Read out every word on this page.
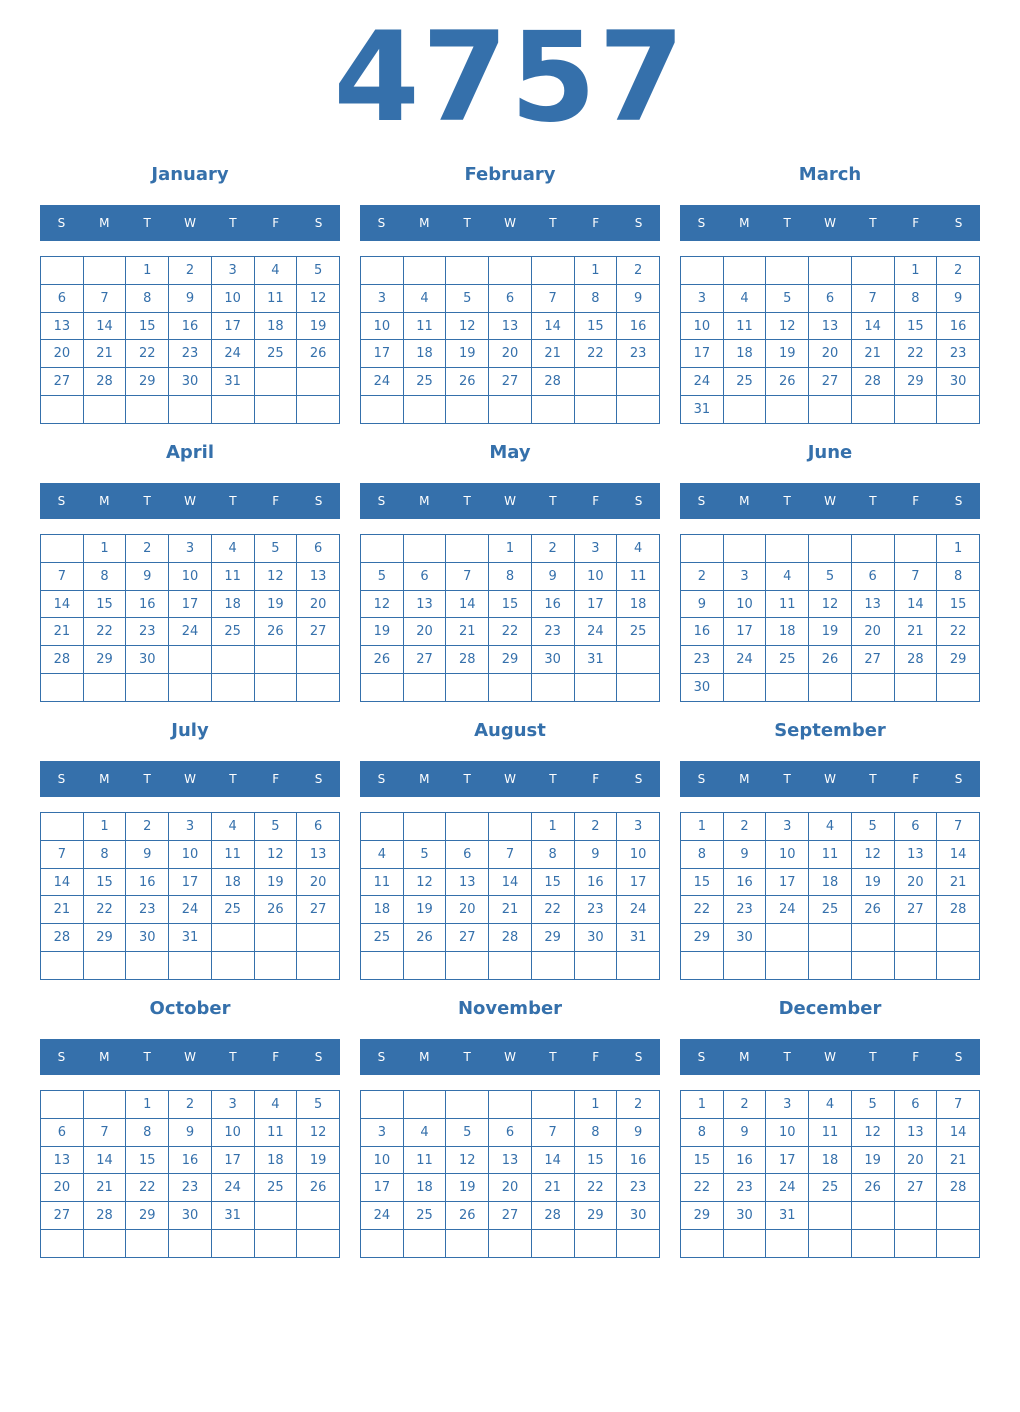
4757
January
S	M	T	W	T	F	S
		1	2	3	4	5
6	7	8	9	10	11	12
13	14	15	16	17	18	19
20	21	22	23	24	25	26
27	28	29	30	31		

February
S	M	T	W	T	F	S
					1	2
3	4	5	6	7	8	9
10	11	12	13	14	15	16
17	18	19	20	21	22	23
24	25	26	27	28		

March
S	M	T	W	T	F	S
					1	2
3	4	5	6	7	8	9
10	11	12	13	14	15	16
17	18	19	20	21	22	23
24	25	26	27	28	29	30
31						
April
S	M	T	W	T	F	S
	1	2	3	4	5	6
7	8	9	10	11	12	13
14	15	16	17	18	19	20
21	22	23	24	25	26	27
28	29	30				

May
S	M	T	W	T	F	S
			1	2	3	4
5	6	7	8	9	10	11
12	13	14	15	16	17	18
19	20	21	22	23	24	25
26	27	28	29	30	31	

June
S	M	T	W	T	F	S
						1
2	3	4	5	6	7	8
9	10	11	12	13	14	15
16	17	18	19	20	21	22
23	24	25	26	27	28	29
30						
July
S	M	T	W	T	F	S
	1	2	3	4	5	6
7	8	9	10	11	12	13
14	15	16	17	18	19	20
21	22	23	24	25	26	27
28	29	30	31			

August
S	M	T	W	T	F	S
				1	2	3
4	5	6	7	8	9	10
11	12	13	14	15	16	17
18	19	20	21	22	23	24
25	26	27	28	29	30	31

September
S	M	T	W	T	F	S
1	2	3	4	5	6	7
8	9	10	11	12	13	14
15	16	17	18	19	20	21
22	23	24	25	26	27	28
29	30					

October
S	M	T	W	T	F	S
		1	2	3	4	5
6	7	8	9	10	11	12
13	14	15	16	17	18	19
20	21	22	23	24	25	26
27	28	29	30	31		

November
S	M	T	W	T	F	S
					1	2
3	4	5	6	7	8	9
10	11	12	13	14	15	16
17	18	19	20	21	22	23
24	25	26	27	28	29	30

December
S	M	T	W	T	F	S
1	2	3	4	5	6	7
8	9	10	11	12	13	14
15	16	17	18	19	20	21
22	23	24	25	26	27	28
29	30	31				
